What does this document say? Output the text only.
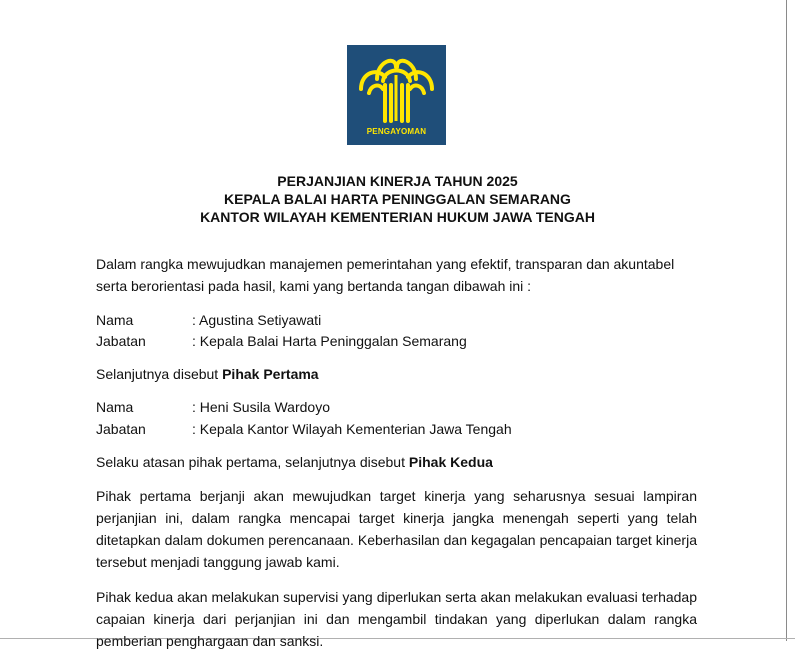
PENGAYOMAN
PERJANJIAN KINERJA TAHUN 2025
KEPALA BALAI HARTA PENINGGALAN SEMARANG
KANTOR WILAYAH KEMENTERIAN HUKUM JAWA TENGAH
Dalam rangka mewujudkan manajemen pemerintahan yang efektif, transparan dan akuntabel serta berorientasi pada hasil, kami yang bertanda tangan dibawah ini :
Nama	: Agustina Setiyawati
Jabatan	: Kepala Balai Harta Peninggalan Semarang
Selanjutnya disebut Pihak Pertama
Nama	: Heni Susila Wardoyo
Jabatan	: Kepala Kantor Wilayah Kementerian Jawa Tengah
Selaku atasan pihak pertama, selanjutnya disebut Pihak Kedua
Pihak pertama berjanji akan mewujudkan target kinerja yang seharusnya sesuai lampiran perjanjian ini, dalam rangka mencapai target kinerja jangka menengah seperti yang telah ditetapkan dalam dokumen perencanaan. Keberhasilan dan kegagalan pencapaian target kinerja tersebut menjadi tanggung jawab kami.
Pihak kedua akan melakukan supervisi yang diperlukan serta akan melakukan evaluasi terhadap capaian kinerja dari perjanjian ini dan mengambil tindakan yang diperlukan dalam rangka pemberian penghargaan dan sanksi.
